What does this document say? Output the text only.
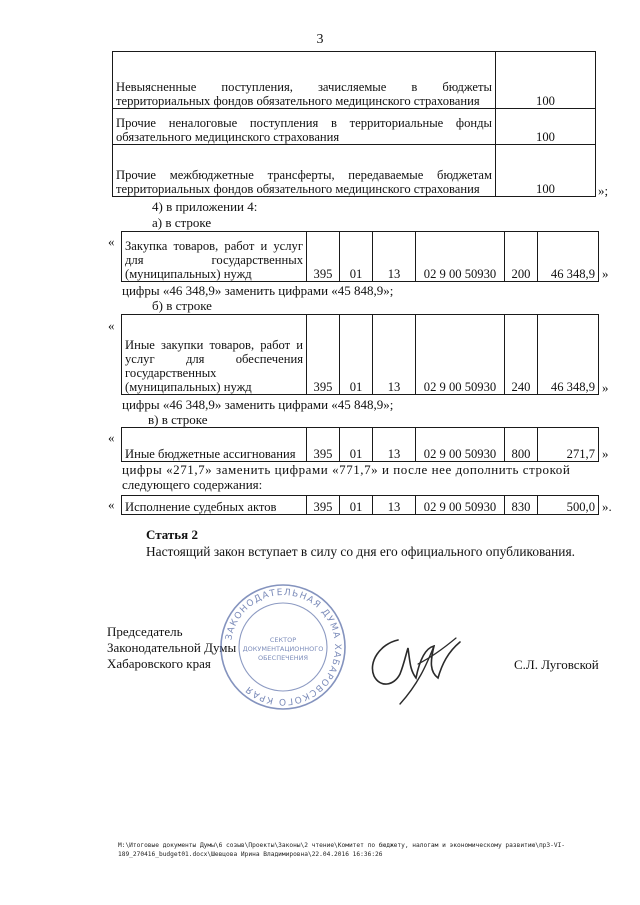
3
Невыясненные поступления, зачисляемые в бюджеты территориальных фондов обязательного медицинского страхования	100
Прочие неналоговые поступления в территориальные фонды обязательного медицинского страхования	100
Прочие межбюджетные трансферты, передаваемые бюджетам территориальных фондов обязательного медицинского страхования	100	»;
4) в приложении 4:
а) в строке
« Закупка товаров, работ и услуг для государственных (муниципальных) нужд	395	01	13	02 9 00 50930	200	46 348,9 »
цифры «46 348,9» заменить цифрами «45 848,9»;
б) в строке
«
Иные закупки товаров, работ и услуг для обеспечения государственных (муниципальных) нужд	395	01	13	02 9 00 50930	240	46 348,9 »
цифры «46 348,9» заменить цифрами «45 848,9»;
в) в строке
«
Иные бюджетные ассигнования	395	01	13	02 9 00 50930	800	271,7 »
цифры «271,7» заменить цифрами «771,7» и после нее дополнить строкой
следующего содержания:
« Исполнение судебных актов	395	01	13	02 9 00 50930	830	500,0 ».
Статья 2
Настоящий закон вступает в силу со дня его официального опубликования.
Председатель
Законодательной Думы
Хабаровского края	С.Л. Луговской
ЗАКОНОДАТЕЛЬНАЯ ДУМА ХАБАРОВСКОГО КРАЯ
СЕКТОР
ДОКУМЕНТАЦИОННОГО
ОБЕСПЕЧЕНИЯ
M:\Итоговые документы Думы\6 созыв\Проекты\Законы\2 чтение\Комитет по бюджету, налогам и экономическому развитию\пр3-VI-
189_270416_budget01.docx\Шевцова Ирина Владимировна\22.04.2016 16:36:26
